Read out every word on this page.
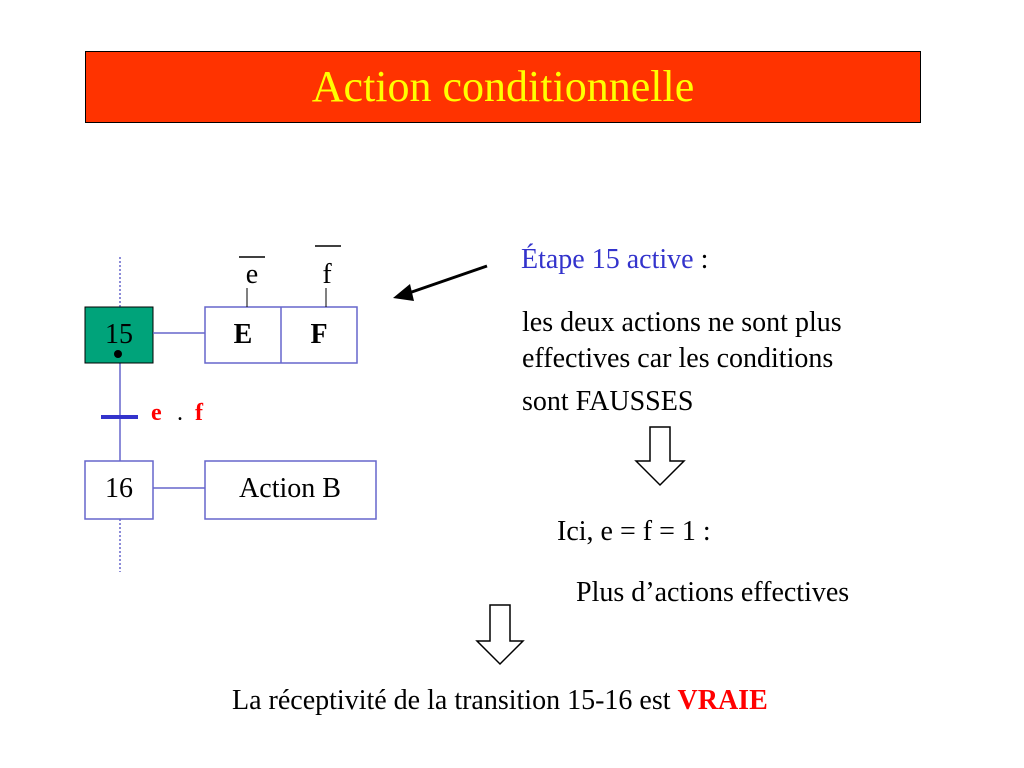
Action conditionnelle
15	E F
e f
e . f
16	Action B
Étape 15 active :
les deux actions ne sont plus
effectives car les conditions
sont FAUSSES
Ici, e = f = 1 :
Plus d’actions effectives
La réceptivité de la transition 15-16 est VRAIE
